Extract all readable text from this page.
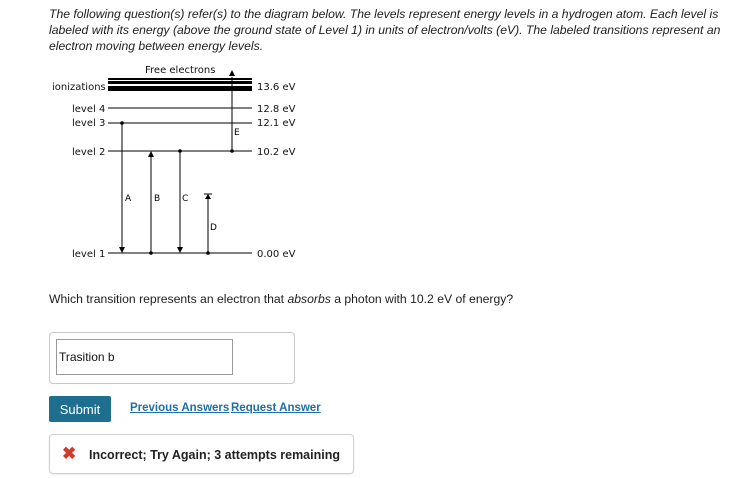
The following question(s) refer(s) to the diagram below. The levels represent energy levels in a hydrogen atom. Each level is labeled with its energy (above the ground state of Level 1) in units of electron/volts (eV). The labeled transitions represent an electron moving between energy levels.
A	B C
D
E
Free electrons
ionizations
level 4
level 3
level 2
level 1
13.6 eV
12.8 eV
12.1 eV
10.2 eV
0.00 eV
Which transition represents an electron that absorbs a photon with 10.2 eV of energy?
Trasition b
Submit	Previous Answers Request Answer
✖ Incorrect; Try Again; 3 attempts remaining
